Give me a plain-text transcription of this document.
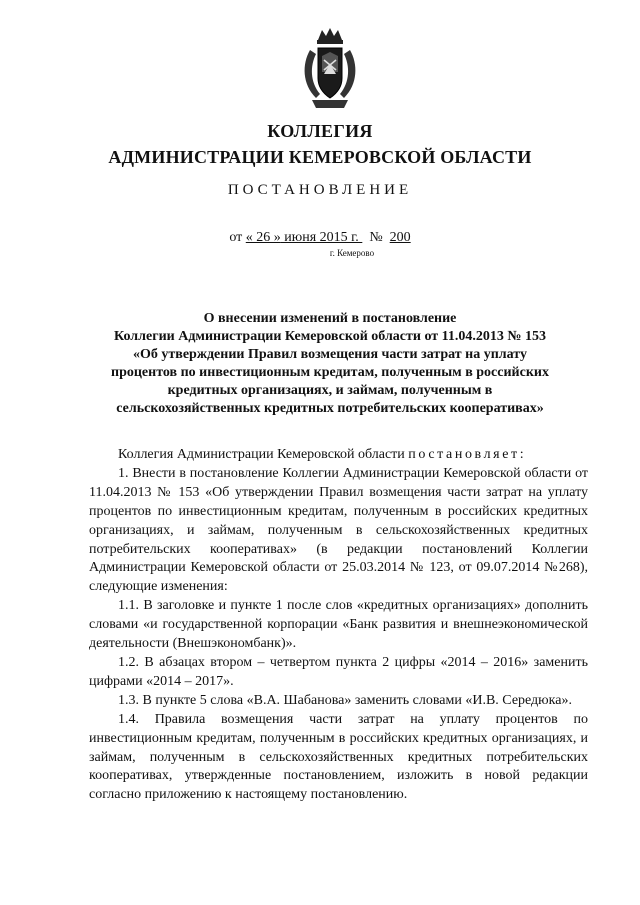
КОЛЛЕГИЯ
АДМИНИСТРАЦИИ КЕМЕРОВСКОЙ ОБЛАСТИ
ПОСТАНОВЛЕНИЕ
от « 26 » июня 2015 г.   № 200
г. Кемерово
О внесении изменений в постановление
Коллегии Администрации Кемеровской области от 11.04.2013 № 153
«Об утверждении Правил возмещения части затрат на уплату
процентов по инвестиционным кредитам, полученным в российских
кредитных организациях, и займам, полученным в
сельскохозяйственных кредитных потребительских кооперативах»

Коллегия Администрации Кемеровской области постановляет:

1. Внести в постановление Коллегии Администрации Кемеровской области от 11.04.2013 № 153 «Об утверждении Правил возмещения части затрат на уплату процентов по инвестиционным кредитам, полученным в российских кредитных организациях, и займам, полученным в сельскохозяйственных кредитных потребительских кооперативах» (в редакции постановлений Коллегии Администрации Кемеровской области от 25.03.2014 № 123, от 09.07.2014 №268), следующие изменения:

1.1. В заголовке и пункте 1 после слов «кредитных организациях» дополнить словами «и государственной корпорации «Банк развития и внешнеэкономической деятельности (Внешэкономбанк)».

1.2. В абзацах втором – четвертом пункта 2 цифры «2014 – 2016» заменить цифрами «2014 – 2017».

1.3. В пункте 5 слова «В.А. Шабанова» заменить словами «И.В. Середюка».

1.4. Правила возмещения части затрат на уплату процентов по инвестиционным кредитам, полученным в российских кредитных организациях, и займам, полученным в сельскохозяйственных кредитных потребительских кооперативах, утвержденные постановлением, изложить в новой редакции согласно приложению к настоящему постановлению.
